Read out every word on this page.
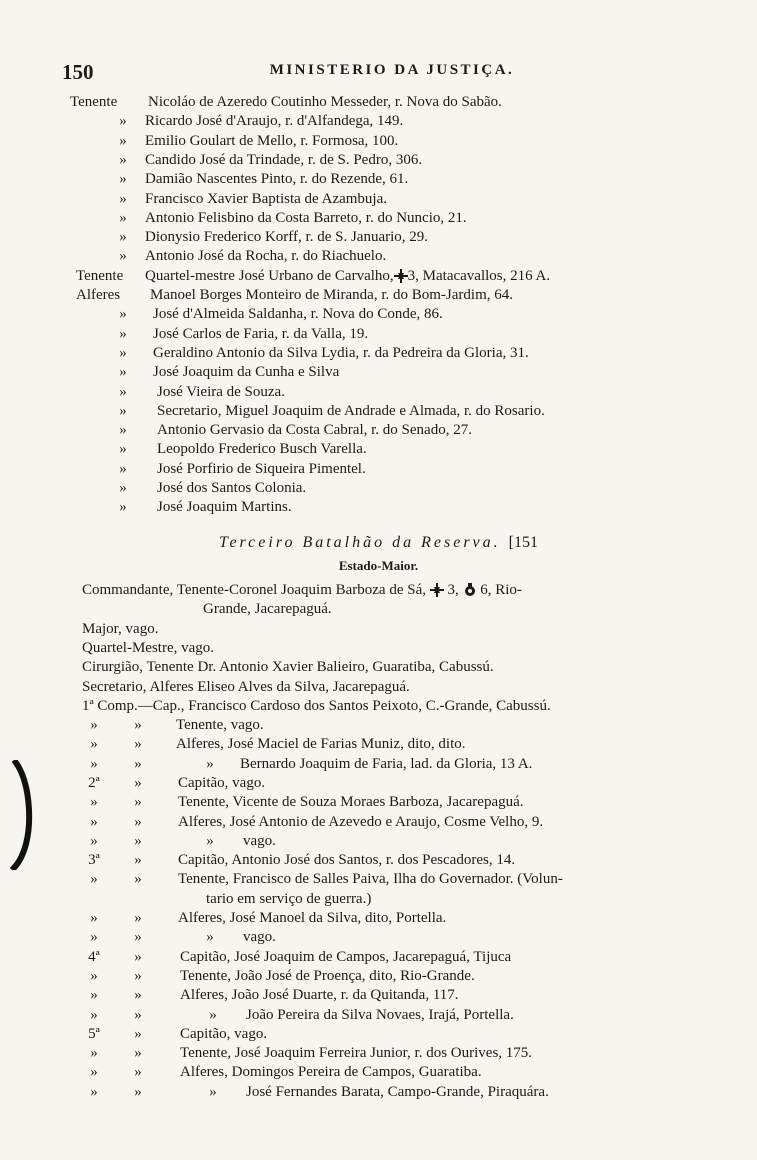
150	MINISTERIO DA JUSTIÇA.
Tenente	Nicoláo de Azeredo Coutinho Messeder, r. Nova do Sabão.
»	Ricardo José d'Araujo, r. d'Alfandega, 149.
»	Emilio Goulart de Mello, r. Formosa, 100.
»	Candido José da Trindade, r. de S. Pedro, 306.
»	Damião Nascentes Pinto, r. do Rezende, 61.
»	Francisco Xavier Baptista de Azambuja.
»	Antonio Felisbino da Costa Barreto, r. do Nuncio, 21.
»	Dionysio Frederico Korff, r. de S. Januario, 29.
»	Antonio José da Rocha, r. do Riachuelo.
Tenente	Quartel-mestre José Urbano de Carvalho, 3, Matacavallos, 216 A.
Alferes	Manoel Borges Monteiro de Miranda, r. do Bom-Jardim, 64.
»	José d'Almeida Saldanha, r. Nova do Conde, 86.
»	José Carlos de Faria, r. da Valla, 19.
»	Geraldino Antonio da Silva Lydia, r. da Pedreira da Gloria, 31.
»	José Joaquim da Cunha e Silva
»	José Vieira de Souza.
»	Secretario, Miguel Joaquim de Andrade e Almada, r. do Rosario.
»	Antonio Gervasio da Costa Cabral, r. do Senado, 27.
»	Leopoldo Frederico Busch Varella.
»	José Porfirio de Siqueira Pimentel.
»	José dos Santos Colonia.
»	José Joaquim Martins.
Terceiro Batalhão da Reserva. [151
Estado-Maior.
Commandante, Tenente-Coronel Joaquim Barboza de Sá, 3, 6, Rio-
Grande, Jacarepaguá.
Major, vago.
Quartel-Mestre, vago.
Cirurgião, Tenente Dr. Antonio Xavier Balieiro, Guaratiba, Cabussú.
Secretario, Alferes Eliseo Alves da Silva, Jacarepaguá.
1ª Comp.—Cap., Francisco Cardoso dos Santos Peixoto, C.-Grande, Cabussú.
»	»	Tenente, vago.
»	»	Alferes, José Maciel de Farias Muniz, dito, dito.
»	»	»	Bernardo Joaquim de Faria, lad. da Gloria, 13 A.
2ª	»	Capitão, vago.
»	»	Tenente, Vicente de Souza Moraes Barboza, Jacarepaguá.
»	»	Alferes, José Antonio de Azevedo e Araujo, Cosme Velho, 9.
»	»	»	vago.
3ª	»	Capitão, Antonio José dos Santos, r. dos Pescadores, 14.
»	»	Tenente, Francisco de Salles Paiva, Ilha do Governador. (Volun-
tario em serviço de guerra.)
»	»	Alferes, José Manoel da Silva, dito, Portella.
»	»	»	vago.
4ª	»	Capitão, José Joaquim de Campos, Jacarepaguá, Tijuca
»	»	Tenente, João José de Proença, dito, Rio-Grande.
»	»	Alferes, João José Duarte, r. da Quitanda, 117.
»	»	»	João Pereira da Silva Novaes, Irajá, Portella.
5ª	»	Capitão, vago.
»	»	Tenente, José Joaquim Ferreira Junior, r. dos Ourives, 175.
»	»	Alferes, Domingos Pereira de Campos, Guaratiba.
»	»	»	José Fernandes Barata, Campo-Grande, Piraquára.
